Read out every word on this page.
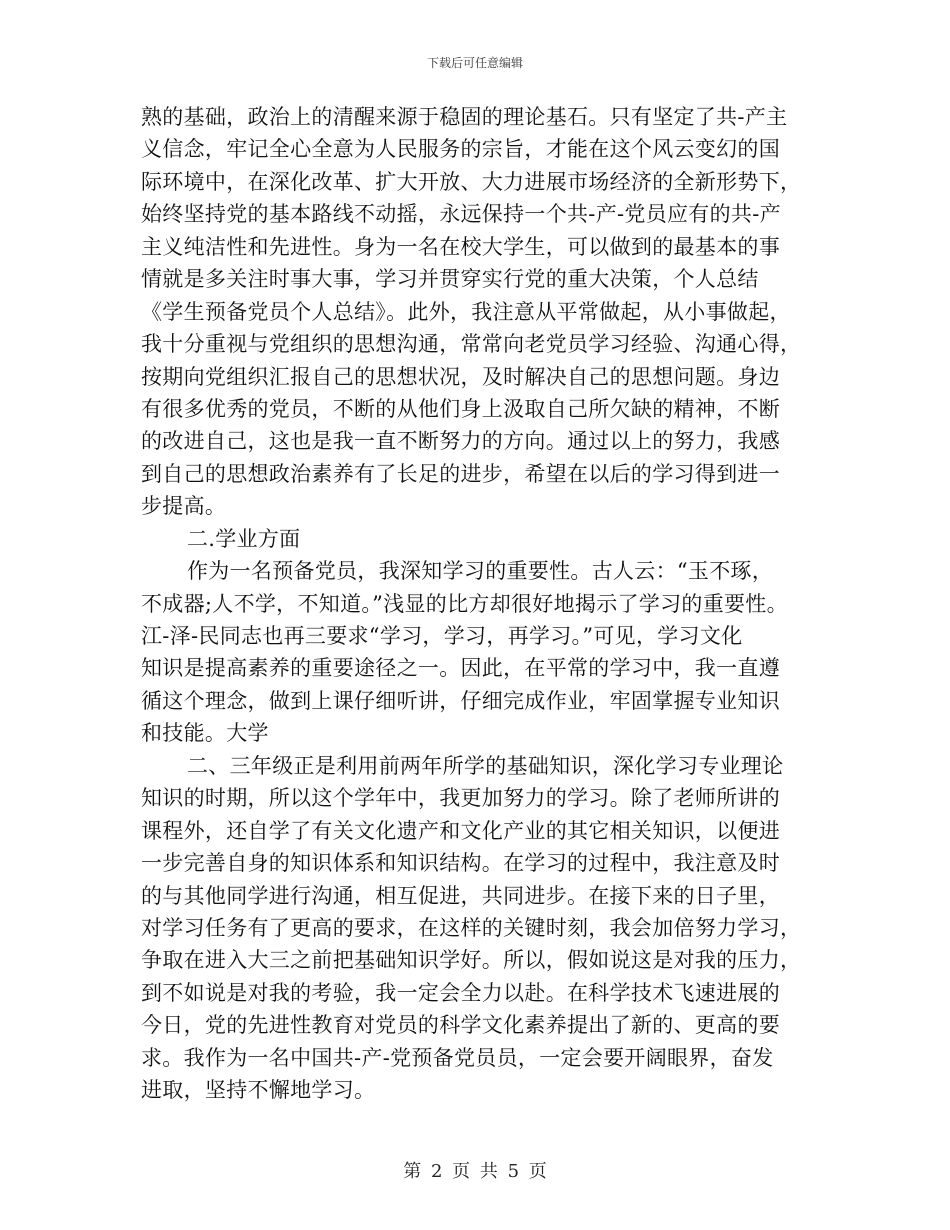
下载后可任意编辑
熟的基础，政治上的清醒来源于稳固的理论基石。只有坚定了共-产主
义信念，牢记全心全意为人民服务的宗旨，才能在这个风云变幻的国
际环境中，在深化改革、扩大开放、大力进展市场经济的全新形势下，
始终坚持党的基本路线不动摇，永远保持一个共-产-党员应有的共-产
主义纯洁性和先进性。身为一名在校大学生，可以做到的最基本的事
情就是多关注时事大事，学习并贯穿实行党的重大决策，个人总结
《学生预备党员个人总结》。此外，我注意从平常做起，从小事做起，
我十分重视与党组织的思想沟通，常常向老党员学习经验、沟通心得，
按期向党组织汇报自己的思想状况，及时解决自己的思想问题。身边
有很多优秀的党员，不断的从他们身上汲取自己所欠缺的精神，不断
的改进自己，这也是我一直不断努力的方向。通过以上的努力，我感
到自己的思想政治素养有了长足的进步，希望在以后的学习得到进一
步提高。
二.学业方面
作为一名预备党员，我深知学习的重要性。古人云：“玉不琢，
不成器;人不学，不知道。”浅显的比方却很好地揭示了学习的重要性。
江-泽-民同志也再三要求“学习，学习，再学习。”可见，学习文化
知识是提高素养的重要途径之一。因此，在平常的学习中，我一直遵
循这个理念，做到上课仔细听讲，仔细完成作业，牢固掌握专业知识
和技能。大学
二、三年级正是利用前两年所学的基础知识，深化学习专业理论
知识的时期，所以这个学年中，我更加努力的学习。除了老师所讲的
课程外，还自学了有关文化遗产和文化产业的其它相关知识，以便进
一步完善自身的知识体系和知识结构。在学习的过程中，我注意及时
的与其他同学进行沟通，相互促进，共同进步。在接下来的日子里，
对学习任务有了更高的要求，在这样的关键时刻，我会加倍努力学习，
争取在进入大三之前把基础知识学好。所以，假如说这是对我的压力，
到不如说是对我的考验，我一定会全力以赴。在科学技术飞速进展的
今日，党的先进性教育对党员的科学文化素养提出了新的、更高的要
求。我作为一名中国共-产-党预备党员员，一定会要开阔眼界，奋发
进取，坚持不懈地学习。
第 2 页 共 5 页
